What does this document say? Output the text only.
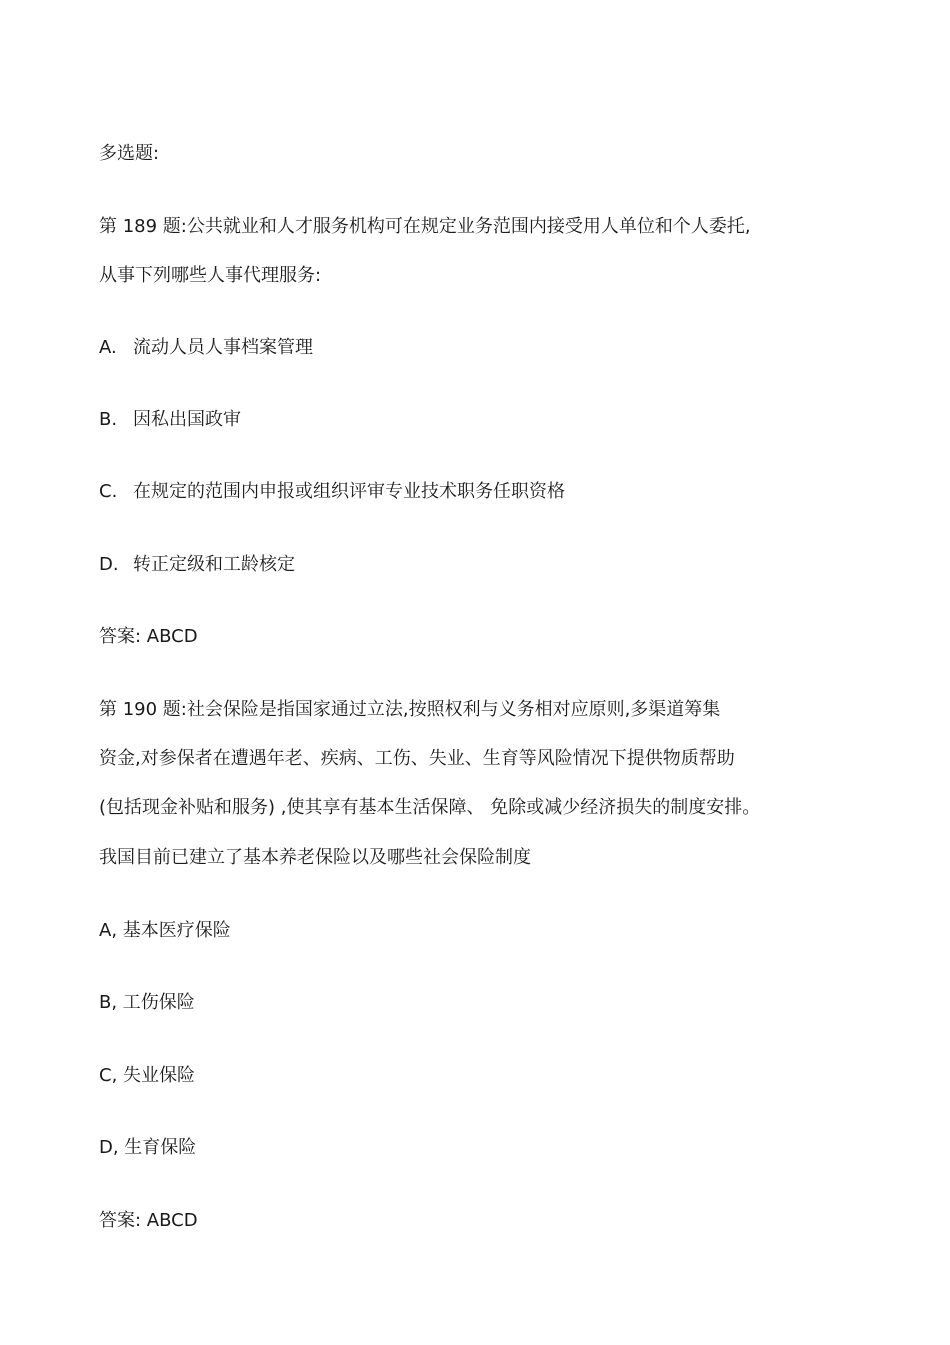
多选题:
第 189 题:公共就业和人才服务机构可在规定业务范围内接受用人单位和个人委托,
从事下列哪些人事代理服务:
A. 流动人员人事档案管理
B. 因私出国政审
C. 在规定的范围内申报或组织评审专业技术职务任职资格
D. 转正定级和工龄核定
答案: ABCD
第 190 题:社会保险是指国家通过立法,按照权利与义务相对应原则,多渠道筹集
资金,对参保者在遭遇年老、疾病、工伤、失业、生育等风险情况下提供物质帮助
(包括现金补贴和服务) ,使其享有基本生活保障、 免除或减少经济损失的制度安排。
我国目前已建立了基本养老保险以及哪些社会保险制度
A, 基本医疗保险
B, 工伤保险
C, 失业保险
D, 生育保险
答案: ABCD
